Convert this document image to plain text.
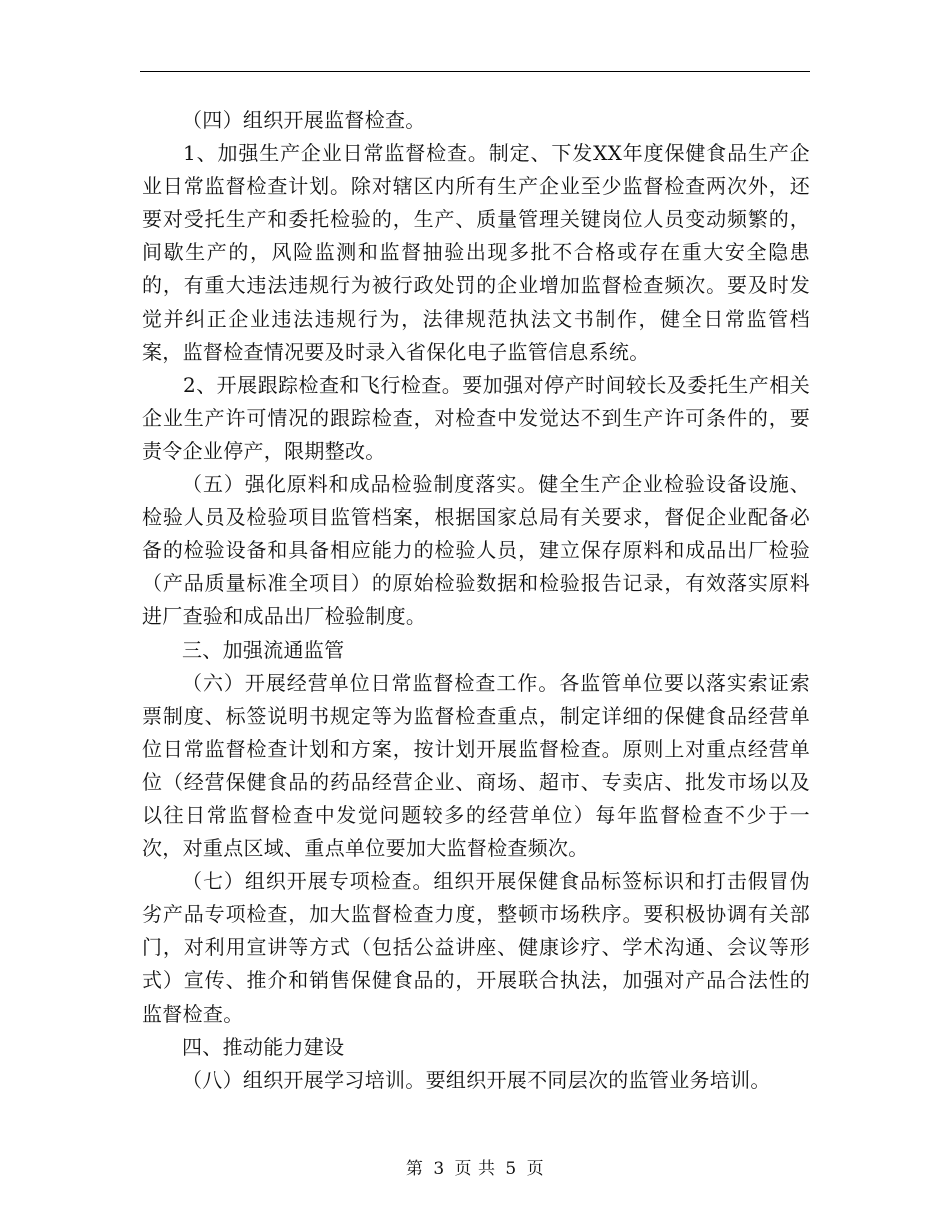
（四）组织开展监督检查。

1、加强生产企业日常监督检查。制定、下发XX年度保健食品生产企业日常监督检查计划。除对辖区内所有生产企业至少监督检查两次外，还要对受托生产和委托检验的，生产、质量管理关键岗位人员变动频繁的，间歇生产的，风险监测和监督抽验出现多批不合格或存在重大安全隐患的，有重大违法违规行为被行政处罚的企业增加监督检查频次。要及时发觉并纠正企业违法违规行为，法律规范执法文书制作，健全日常监管档案，监督检查情况要及时录入省保化电子监管信息系统。

2、开展跟踪检查和飞行检查。要加强对停产时间较长及委托生产相关企业生产许可情况的跟踪检查，对检查中发觉达不到生产许可条件的，要责令企业停产，限期整改。

（五）强化原料和成品检验制度落实。健全生产企业检验设备设施、检验人员及检验项目监管档案，根据国家总局有关要求，督促企业配备必备的检验设备和具备相应能力的检验人员，建立保存原料和成品出厂检验（产品质量标准全项目）的原始检验数据和检验报告记录，有效落实原料进厂查验和成品出厂检验制度。

三、加强流通监管

（六）开展经营单位日常监督检查工作。各监管单位要以落实索证索票制度、标签说明书规定等为监督检查重点，制定详细的保健食品经营单位日常监督检查计划和方案，按计划开展监督检查。原则上对重点经营单位（经营保健食品的药品经营企业、商场、超市、专卖店、批发市场以及以往日常监督检查中发觉问题较多的经营单位）每年监督检查不少于一次，对重点区域、重点单位要加大监督检查频次。

（七）组织开展专项检查。组织开展保健食品标签标识和打击假冒伪劣产品专项检查，加大监督检查力度，整顿市场秩序。要积极协调有关部门，对利用宣讲等方式（包括公益讲座、健康诊疗、学术沟通、会议等形式）宣传、推介和销售保健食品的，开展联合执法，加强对产品合法性的监督检查。

四、推动能力建设

（八）组织开展学习培训。要组织开展不同层次的监管业务培训。

第 3 页 共 5 页
